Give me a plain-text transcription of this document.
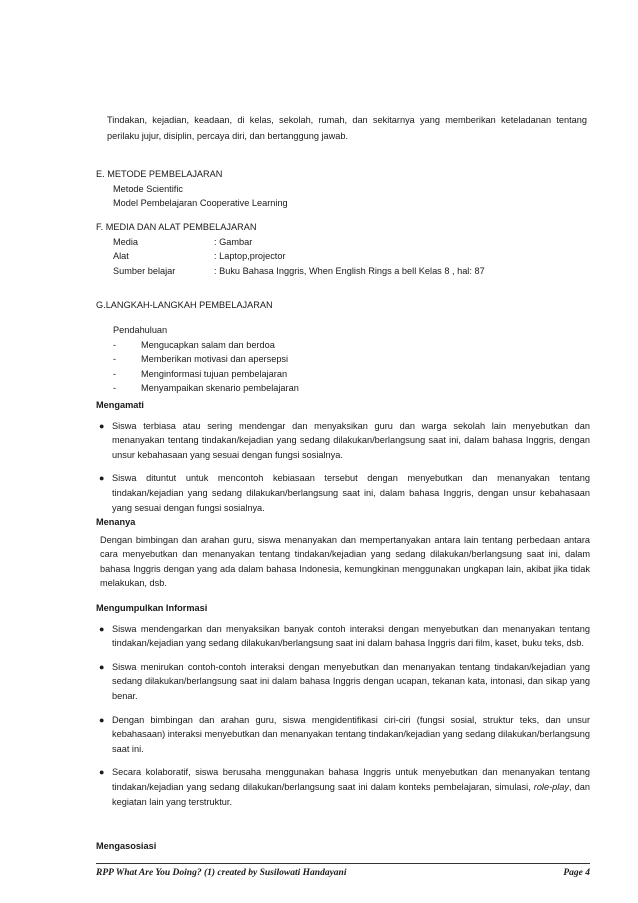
Tindakan, kejadian, keadaan, di kelas, sekolah, rumah, dan sekitarnya yang memberikan keteladanan tentang perilaku jujur, disiplin, percaya diri, dan bertanggung jawab.
E. METODE PEMBELAJARAN
Metode Scientific
Model Pembelajaran Cooperative Learning
F. MEDIA DAN ALAT PEMBELAJARAN
Media	: Gambar
Alat	: Laptop,projector
Sumber belajar	: Buku Bahasa Inggris, When English Rings a bell Kelas 8 , hal: 87
G.LANGKAH-LANGKAH PEMBELAJARAN
Pendahuluan
-	Mengucapkan salam dan berdoa
-	Memberikan motivasi dan apersepsi
-	Menginformasi tujuan pembelajaran
-	Menyampaikan skenario pembelajaran
Mengamati
● Siswa terbiasa atau sering mendengar dan menyaksikan guru dan warga sekolah lain menyebutkan dan menanyakan tentang tindakan/kejadian yang sedang dilakukan/berlangsung saat ini, dalam bahasa Inggris, dengan unsur kebahasaan yang sesuai dengan fungsi sosialnya.
● Siswa dituntut untuk mencontoh kebiasaan tersebut dengan menyebutkan dan menanyakan tentang tindakan/kejadian yang sedang dilakukan/berlangsung saat ini, dalam bahasa Inggris, dengan unsur kebahasaan yang sesuai dengan fungsi sosialnya.
Menanya
Dengan bimbingan dan arahan guru, siswa menanyakan dan mempertanyakan antara lain tentang perbedaan antara cara menyebutkan dan menanyakan tentang tindakan/kejadian yang sedang dilakukan/berlangsung saat ini, dalam bahasa Inggris dengan yang ada dalam bahasa Indonesia, kemungkinan menggunakan ungkapan lain, akibat jika tidak melakukan, dsb.
Mengumpulkan Informasi
● Siswa mendengarkan dan menyaksikan banyak contoh interaksi dengan menyebutkan dan menanyakan tentang tindakan/kejadian yang sedang dilakukan/berlangsung saat ini dalam bahasa Inggris dari film, kaset, buku teks, dsb.
● Siswa menirukan contoh-contoh interaksi dengan menyebutkan dan menanyakan tentang tindakan/kejadian yang sedang dilakukan/berlangsung saat ini dalam bahasa Inggris dengan ucapan, tekanan kata, intonasi, dan sikap yang benar.
● Dengan bimbingan dan arahan guru, siswa mengidentifikasi ciri-ciri (fungsi sosial, struktur teks, dan unsur kebahasaan) interaksi menyebutkan dan menanyakan tentang tindakan/kejadian yang sedang dilakukan/berlangsung saat ini.
● Secara kolaboratif, siswa berusaha menggunakan bahasa Inggris untuk menyebutkan dan menanyakan tentang tindakan/kejadian yang sedang dilakukan/berlangsung saat ini dalam konteks pembelajaran, simulasi, role-play, dan kegiatan lain yang terstruktur.
Mengasosiasi
RPP What Are You Doing? (1) created by Susilowati Handayani	Page 4
